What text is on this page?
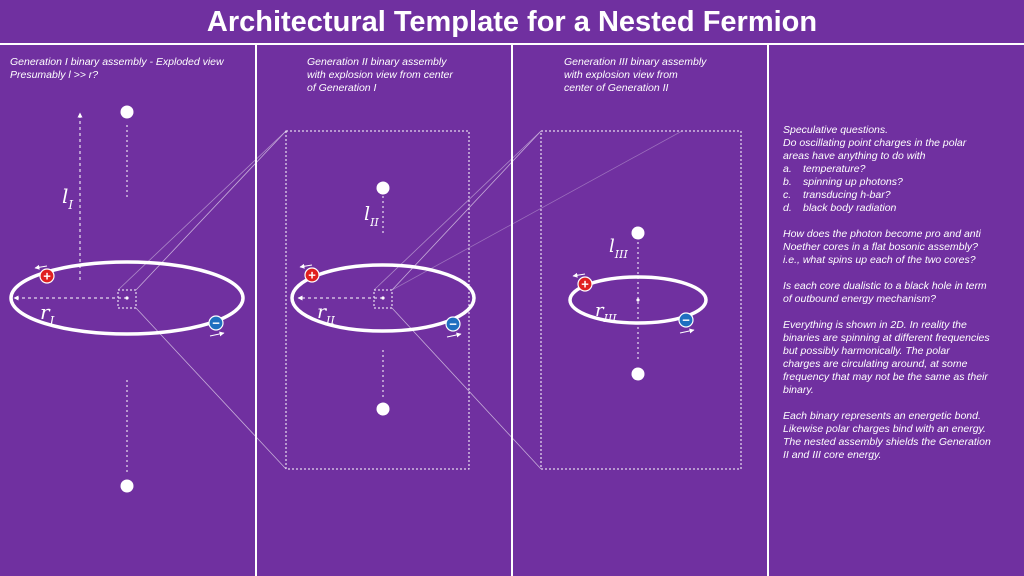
Architectural Template for a Nested Fermion
Generation I binary assembly - Exploded view
Presumably l >> r?
Generation II binary assembly
with explosion view from center
of Generation I
Generation III binary assembly
with explosion view from
center of Generation II
$l_I$
$r_I$
+
−
$l_{II}$
$r_{II}$
+
−
$l_{III}$
$r_{III}$
+
−

Speculative questions.
Do oscillating point charges in the polar
areas have anything to do with
a. temperature?
b. spinning up photons?
c. transducing h-bar?
d. black body radiation

How does the photon become pro and anti
Noether cores in a flat bosonic assembly?
i.e., what spins up each of the two cores?

Is each core dualistic to a black hole in term
of outbound energy mechanism?

Everything is shown in 2D. In reality the
binaries are spinning at different frequencies
but possibly harmonically. The polar
charges are circulating around, at some
frequency that may not be the same as their
binary.

Each binary represents an energetic bond.
Likewise polar charges bind with an energy.
The nested assembly shields the Generation
II and III core energy.
